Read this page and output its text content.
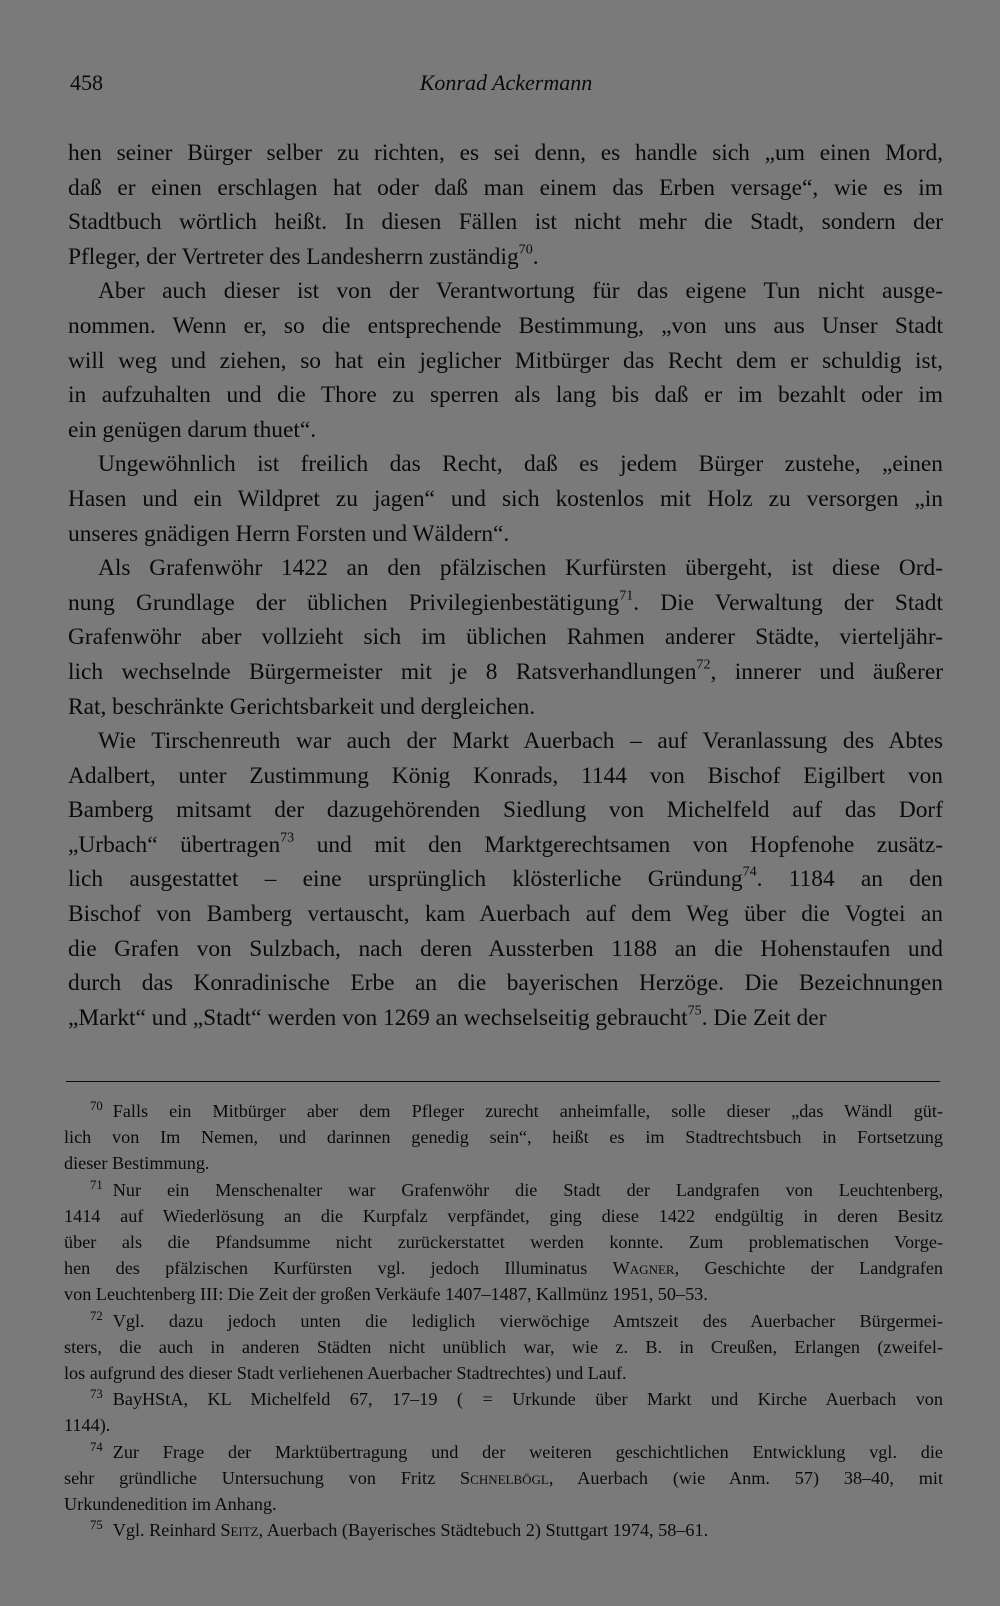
458	Konrad Ackermann
hen seiner Bürger selber zu richten, es sei denn, es handle sich „um einen Mord,
daß er einen erschlagen hat oder daß man einem das Erben versage“, wie es im
Stadtbuch wörtlich heißt. In diesen Fällen ist nicht mehr die Stadt, sondern der
Pfleger, der Vertreter des Landesherrn zuständig$^{70}$.
Aber auch dieser ist von der Verantwortung für das eigene Tun nicht ausge-
nommen. Wenn er, so die entsprechende Bestimmung, „von uns aus Unser Stadt
will weg und ziehen, so hat ein jeglicher Mitbürger das Recht dem er schuldig ist,
in aufzuhalten und die Thore zu sperren als lang bis daß er im bezahlt oder im
ein genügen darum thuet“.
Ungewöhnlich ist freilich das Recht, daß es jedem Bürger zustehe, „einen
Hasen und ein Wildpret zu jagen“ und sich kostenlos mit Holz zu versorgen „in
unseres gnädigen Herrn Forsten und Wäldern“.
Als Grafenwöhr 1422 an den pfälzischen Kurfürsten übergeht, ist diese Ord-
nung Grundlage der üblichen Privilegienbestätigung$^{71}$. Die Verwaltung der Stadt
Grafenwöhr aber vollzieht sich im üblichen Rahmen anderer Städte, vierteljähr-
lich wechselnde Bürgermeister mit je 8 Ratsverhandlungen$^{72}$, innerer und äußerer
Rat, beschränkte Gerichtsbarkeit und dergleichen.
Wie Tirschenreuth war auch der Markt Auerbach – auf Veranlassung des Abtes
Adalbert, unter Zustimmung König Konrads, 1144 von Bischof Eigilbert von
Bamberg mitsamt der dazugehörenden Siedlung von Michelfeld auf das Dorf
„Urbach“ übertragen$^{73}$ und mit den Marktgerechtsamen von Hopfenohe zusätz-
lich ausgestattet – eine ursprünglich klösterliche Gründung$^{74}$. 1184 an den
Bischof von Bamberg vertauscht, kam Auerbach auf dem Weg über die Vogtei an
die Grafen von Sulzbach, nach deren Aussterben 1188 an die Hohenstaufen und
durch das Konradinische Erbe an die bayerischen Herzöge. Die Bezeichnungen
„Markt“ und „Stadt“ werden von 1269 an wechselseitig gebraucht$^{75}$. Die Zeit der
$^{70}$ Falls ein Mitbürger aber dem Pfleger zurecht anheimfalle, solle dieser „das Wändl güt-
lich von Im Nemen, und darinnen genedig sein“, heißt es im Stadtrechtsbuch in Fortsetzung
dieser Bestimmung.
$^{71}$ Nur ein Menschenalter war Grafenwöhr die Stadt der Landgrafen von Leuchtenberg,
1414 auf Wiederlösung an die Kurpfalz verpfändet, ging diese 1422 endgültig in deren Besitz
über als die Pfandsumme nicht zurückerstattet werden konnte. Zum problematischen Vorge-
hen des pfälzischen Kurfürsten vgl. jedoch Illuminatus Wagner, Geschichte der Landgrafen
von Leuchtenberg III: Die Zeit der großen Verkäufe 1407–1487, Kallmünz 1951, 50–53.
$^{72}$ Vgl. dazu jedoch unten die lediglich vierwöchige Amtszeit des Auerbacher Bürgermei-
sters, die auch in anderen Städten nicht unüblich war, wie z. B. in Creußen, Erlangen (zweifel-
los aufgrund des dieser Stadt verliehenen Auerbacher Stadtrechtes) und Lauf.
$^{73}$ BayHStA, KL Michelfeld 67, 17–19 ( = Urkunde über Markt und Kirche Auerbach von
1144).
$^{74}$ Zur Frage der Marktübertragung und der weiteren geschichtlichen Entwicklung vgl. die
sehr gründliche Untersuchung von Fritz Schnelbögl, Auerbach (wie Anm. 57) 38–40, mit
Urkundenedition im Anhang.
$^{75}$ Vgl. Reinhard Seitz, Auerbach (Bayerisches Städtebuch 2) Stuttgart 1974, 58–61.
